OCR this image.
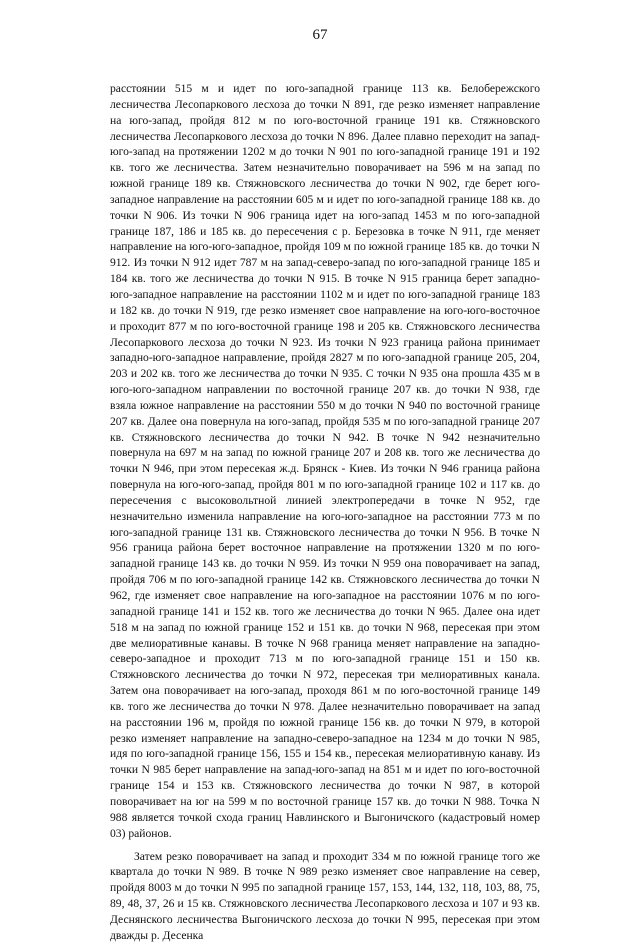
67

расстоянии 515 м и идет по юго-западной границе 113 кв. Белобережского лесничества Лесопаркового лесхоза до точки N 891, где резко изменяет направление на юго-запад, пройдя 812 м по юго-восточной границе 191 кв. Стяжновского лесничества Лесопаркового лесхоза до точки N 896. Далее плавно переходит на запад-юго-запад на протяжении 1202 м до точки N 901 по юго-западной границе 191 и 192 кв. того же лесничества. Затем незначительно поворачивает на 596 м на запад по южной границе 189 кв. Стяжновского лесничества до точки N 902, где берет юго-западное направление на расстоянии 605 м и идет по юго-западной границе 188 кв. до точки N 906. Из точки N 906 граница идет на юго-запад 1453 м по юго-западной границе 187, 186 и 185 кв. до пересечения с р. Березовка в точке N 911, где меняет направление на юго-юго-западное, пройдя 109 м по южной границе 185 кв. до точки N 912. Из точки N 912 идет 787 м на запад-северо-запад по юго-западной границе 185 и 184 кв. того же лесничества до точки N 915. В точке N 915 граница берет западно-юго-западное направление на расстоянии 1102 м и идет по юго-западной границе 183 и 182 кв. до точки N 919, где резко изменяет свое направление на юго-юго-восточное и проходит 877 м по юго-восточной границе 198 и 205 кв. Стяжновского лесничества Лесопаркового лесхоза до точки N 923. Из точки N 923 граница района принимает западно-юго-западное направление, пройдя 2827 м по юго-западной границе 205, 204, 203 и 202 кв. того же лесничества до точки N 935. С точки N 935 она прошла 435 м в юго-юго-западном направлении по восточной границе 207 кв. до точки N 938, где взяла южное направление на расстоянии 550 м до точки N 940 по восточной границе 207 кв. Далее она повернула на юго-запад, пройдя 535 м по юго-западной границе 207 кв. Стяжновского лесничества до точки N 942. В точке N 942 незначительно повернула на 697 м на запад по южной границе 207 и 208 кв. того же лесничества до точки N 946, при этом пересекая ж.д. Брянск - Киев. Из точки N 946 граница района повернула на юго-юго-запад, пройдя 801 м по юго-западной границе 102 и 117 кв. до пересечения с высоковольтной линией электропередачи в точке N 952, где незначительно изменила направление на юго-юго-западное на расстоянии 773 м по юго-западной границе 131 кв. Стяжновского лесничества до точки N 956. В точке N 956 граница района берет восточное направление на протяжении 1320 м по юго-западной границе 143 кв. до точки N 959. Из точки N 959 она поворачивает на запад, пройдя 706 м по юго-западной границе 142 кв. Стяжновского лесничества до точки N 962, где изменяет свое направление на юго-западное на расстоянии 1076 м по юго-западной границе 141 и 152 кв. того же лесничества до точки N 965. Далее она идет 518 м на запад по южной границе 152 и 151 кв. до точки N 968, пересекая при этом две мелиоративные канавы. В точке N 968 граница меняет направление на западно-северо-западное и проходит 713 м по юго-западной границе 151 и 150 кв. Стяжновского лесничества до точки N 972, пересекая три мелиоративных канала. Затем она поворачивает на юго-запад, проходя 861 м по юго-восточной границе 149 кв. того же лесничества до точки N 978. Далее незначительно поворачивает на запад на расстоянии 196 м, пройдя по южной границе 156 кв. до точки N 979, в которой резко изменяет направление на западно-северо-западное на 1234 м до точки N 985, идя по юго-западной границе 156, 155 и 154 кв., пересекая мелиоративную канаву. Из точки N 985 берет направление на запад-юго-запад на 851 м и идет по юго-восточной границе 154 и 153 кв. Стяжновского лесничества до точки N 987, в которой поворачивает на юг на 599 м по восточной границе 157 кв. до точки N 988. Точка N 988 является точкой схода границ Навлинского и Выгоничского (кадастровый номер 03) районов.

Затем резко поворачивает на запад и проходит 334 м по южной границе того же квартала до точки N 989. В точке N 989 резко изменяет свое направление на север, пройдя 8003 м до точки N 995 по западной границе 157, 153, 144, 132, 118, 103, 88, 75, 89, 48, 37, 26 и 15 кв. Стяжновского лесничества Лесопаркового лесхоза и 107 и 93 кв. Деснянского лесничества Выгоничского лесхоза до точки N 995, пересекая при этом дважды р. Десенка
